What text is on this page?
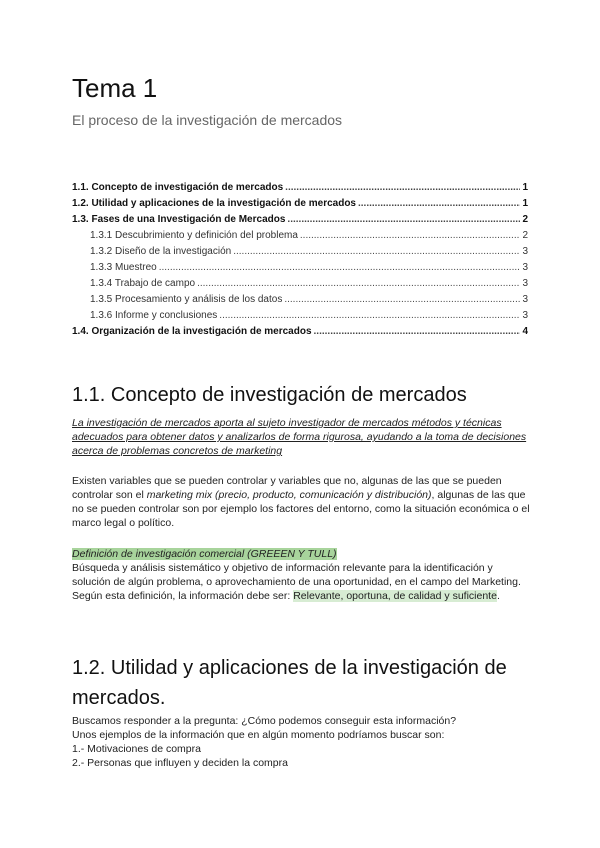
Tema 1
El proceso de la investigación de mercados
1.1. Concepto de investigación de mercados .....	1
1.2. Utilidad y aplicaciones de la investigación de mercados .....	1
1.3. Fases de una Investigación de Mercados .....	2
1.3.1 Descubrimiento y definición del problema .....	2
1.3.2 Diseño de la investigación .....	3
1.3.3 Muestreo .....	3
1.3.4 Trabajo de campo .....	3
1.3.5 Procesamiento y análisis de los datos .....	3
1.3.6 Informe y conclusiones .....	3
1.4. Organización de la investigación de mercados .....	4
1.1. Concepto de investigación de mercados
La investigación de mercados aporta al sujeto investigador de mercados métodos y técnicas adecuados para obtener datos y analizarlos de forma rigurosa, ayudando a la toma de decisiones acerca de problemas concretos de marketing
Existen variables que se pueden controlar y variables que no, algunas de las que se pueden controlar son el marketing mix (precio, producto, comunicación y distribución), algunas de las que no se pueden controlar son por ejemplo los factores del entorno, como la situación económica o el marco legal o político.
Definición de investigación comercial (GREEEN Y TULL)
Búsqueda y análisis sistemático y objetivo de información relevante para la identificación y solución de algún problema, o aprovechamiento de una oportunidad, en el campo del Marketing.
Según esta definición, la información debe ser: Relevante, oportuna, de calidad y suficiente.
1.2. Utilidad y aplicaciones de la investigación de mercados.
Buscamos responder a la pregunta: ¿Cómo podemos conseguir esta información?
Unos ejemplos de la información que en algún momento podríamos buscar son:
1.- Motivaciones de compra
2.- Personas que influyen y deciden la compra
